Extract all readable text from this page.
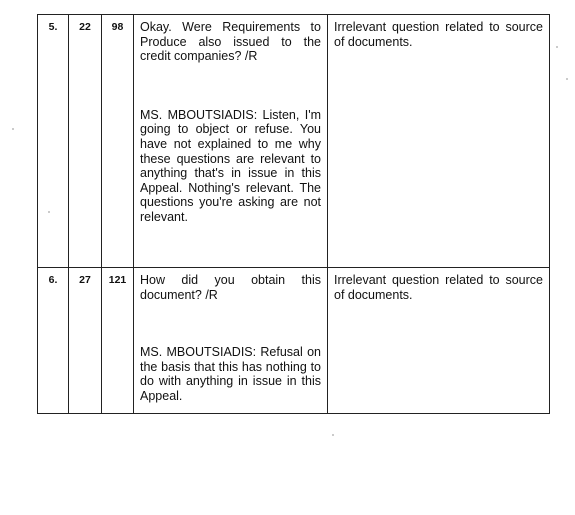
5.	22	98	Okay. Were Requirements to Produce also issued to the credit companies? /R
MS. MBOUTSIADIS: Listen, I'm going to object or refuse. You have not explained to me why these questions are relevant to anything that's in issue in this Appeal. Nothing's relevant. The questions you're asking are not relevant.	Irrelevant question related to source of documents.
6.	27	121	How did you obtain this document? /R
MS. MBOUTSIADIS: Refusal on the basis that this has nothing to do with anything in issue in this Appeal.	Irrelevant question related to source of documents.
